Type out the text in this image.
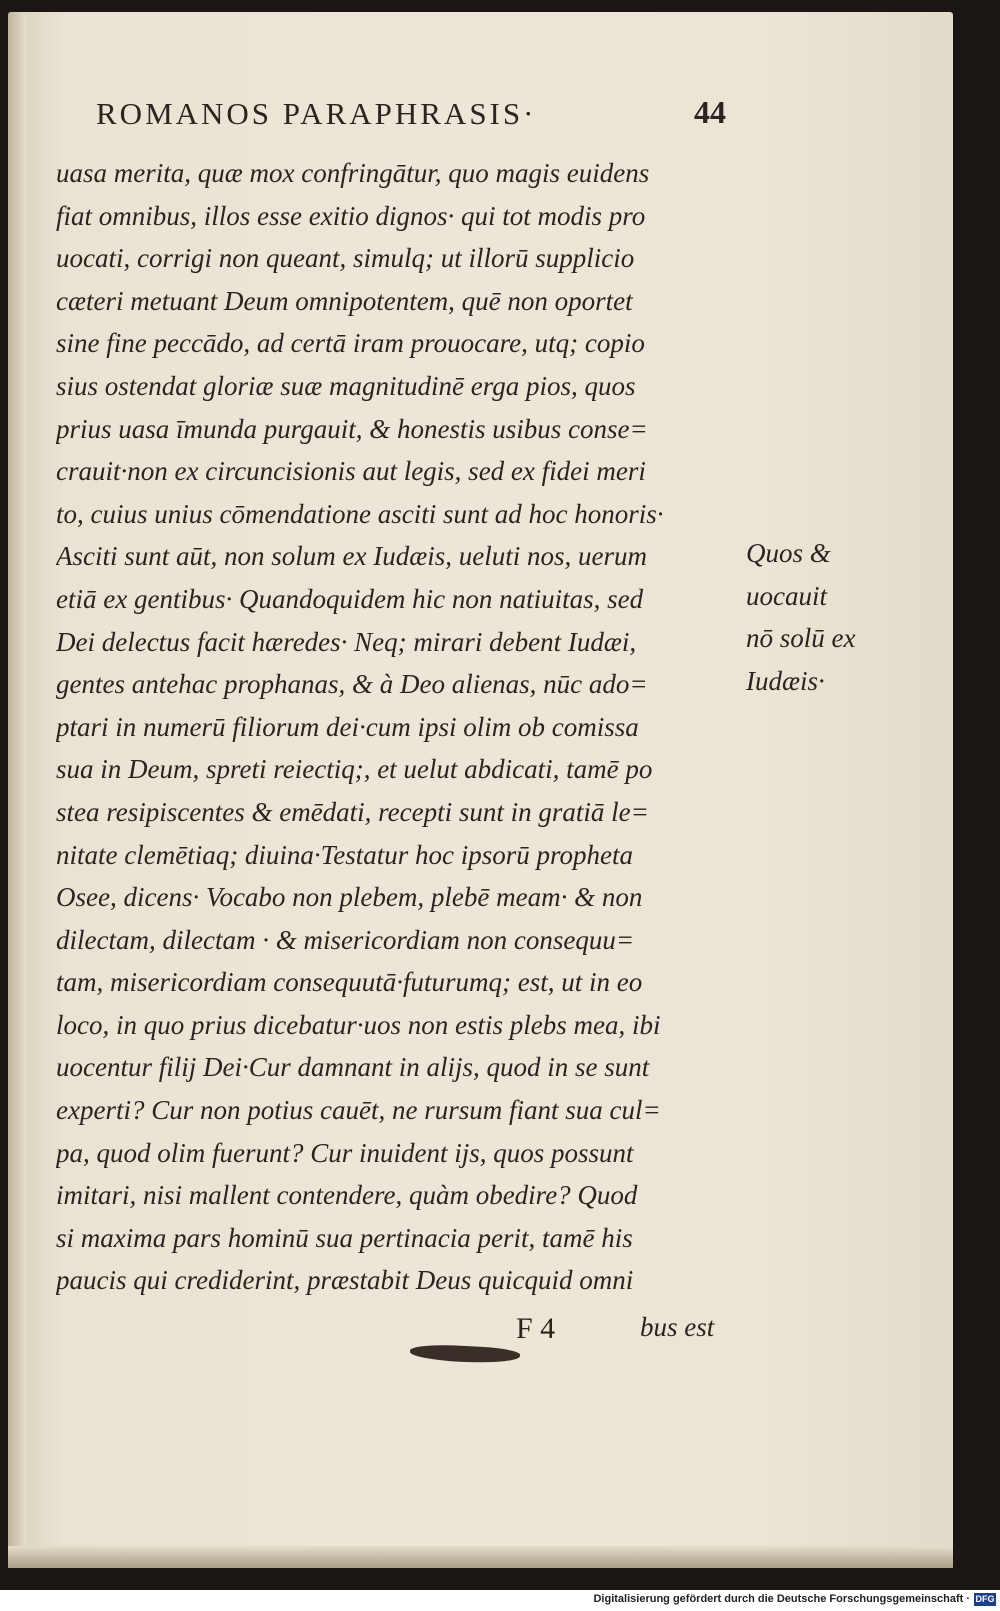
ROMANOS PARAPHRASIS·	44
uasa merita, quæ mox confringātur, quo magis euidens
fiat omnibus, illos esse exitio dignos· qui tot modis pro
uocati, corrigi non queant, simulq; ut illorū supplicio
cæteri metuant Deum omnipotentem, quē non oportet
sine fine peccādo, ad certā iram prouocare, utq; copio
sius ostendat gloriæ suæ magnitudinē erga pios, quos
prius uasa īmunda purgauit, & honestis usibus conse=
crauit·non ex circuncisionis aut legis, sed ex fidei meri
to, cuius unius cōmendatione asciti sunt ad hoc honoris·
Asciti sunt aūt, non solum ex Iudæis, ueluti nos, uerum
etiā ex gentibus· Quandoquidem hic non natiuitas, sed
Dei delectus facit hæredes· Neq; mirari debent Iudæi,
gentes antehac prophanas, & à Deo alienas, nūc ado=
ptari in numerū filiorum dei·cum ipsi olim ob comissa
sua in Deum, spreti reiectiq;, et uelut abdicati, tamē po
stea resipiscentes & emēdati, recepti sunt in gratiā le=
nitate clemētiaq; diuina·Testatur hoc ipsorū propheta
Osee, dicens· Vocabo non plebem, plebē meam· & non
dilectam, dilectam · & misericordiam non consequu=
tam, misericordiam consequutā·futurumq; est, ut in eo
loco, in quo prius dicebatur·uos non estis plebs mea, ibi
uocentur filij Dei·Cur damnant in alijs, quod in se sunt
experti? Cur non potius cauēt, ne rursum fiant sua cul=
pa, quod olim fuerunt? Cur inuident ijs, quos possunt
imitari, nisi mallent contendere, quàm obedire? Quod
si maxima pars hominū sua pertinacia perit, tamē his
paucis qui crediderint, præstabit Deus quicquid omni
Quos &
uocauit
nō solū ex
Iudæis·
F 4	bus est
Digitalisierung gefördert durch die Deutsche Forschungsgemeinschaft · DFG
